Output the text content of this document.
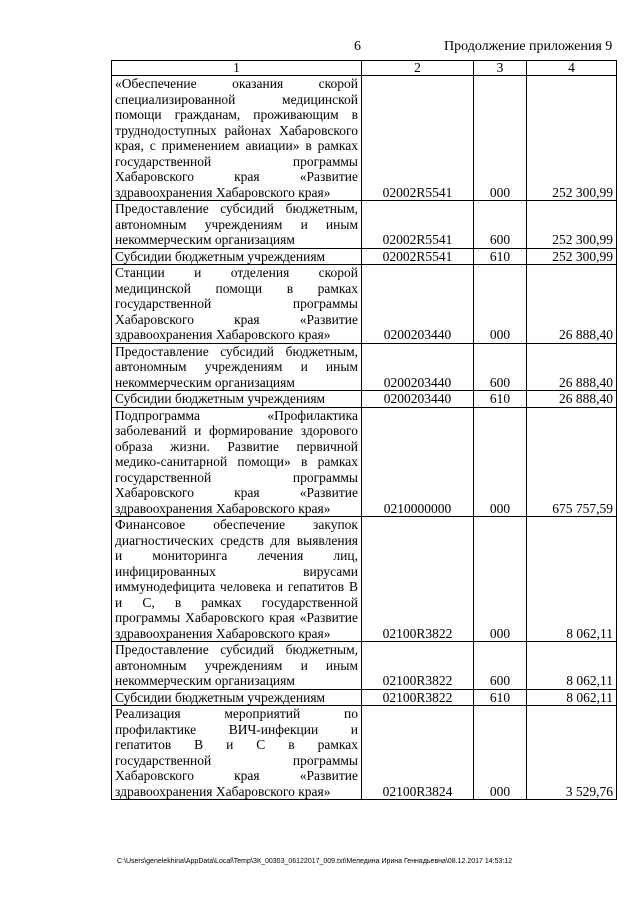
6	Продолжение приложения 9
1	2	3	4
«Обеспечение оказания скорой специализированной медицинской помощи гражданам, проживающим в труднодоступных районах Хабаровского края, с применением авиации» в рамках государственной программы Хабаровского края «Развитие здравоохранения Хабаровского края»	02002R5541	000	252 300,99
Предоставление субсидий бюджетным, автономным учреждениям и иным некоммерческим организациям	02002R5541	600	252 300,99
Субсидии бюджетным учреждениям	02002R5541	610	252 300,99
Станции и отделения скорой медицинской помощи в рамках государственной программы Хабаровского края «Развитие здравоохранения Хабаровского края»	0200203440	000	26 888,40
Предоставление субсидий бюджетным, автономным учреждениям и иным некоммерческим организациям	0200203440	600	26 888,40
Субсидии бюджетным учреждениям	0200203440	610	26 888,40
Подпрограмма «Профилактика заболеваний и формирование здорового образа жизни. Развитие первичной медико-санитарной помощи» в рамках государственной программы Хабаровского края «Развитие здравоохранения Хабаровского края»	0210000000	000	675 757,59
Финансовое обеспечение закупок диагностических средств для выявления и мониторинга лечения лиц, инфицированных вирусами иммунодефицита человека и гепатитов В и С, в рамках государственной программы Хабаровского края «Развитие здравоохранения Хабаровского края»	02100R3822	000	8 062,11
Предоставление субсидий бюджетным, автономным учреждениям и иным некоммерческим организациям	02100R3822	600	8 062,11
Субсидии бюджетным учреждениям	02100R3822	610	8 062,11
Реализация мероприятий по профилактике ВИЧ-инфекции и гепатитов В и С в рамках государственной программы Хабаровского края «Развитие здравоохранения Хабаровского края»	02100R3824	000	3 529,76
C:\Users\genelekhina\AppData\Local\Temp\ЗК_00303_06122017_009.txt\Меледина Ирина Геннадьевна\08.12.2017 14:53:12
